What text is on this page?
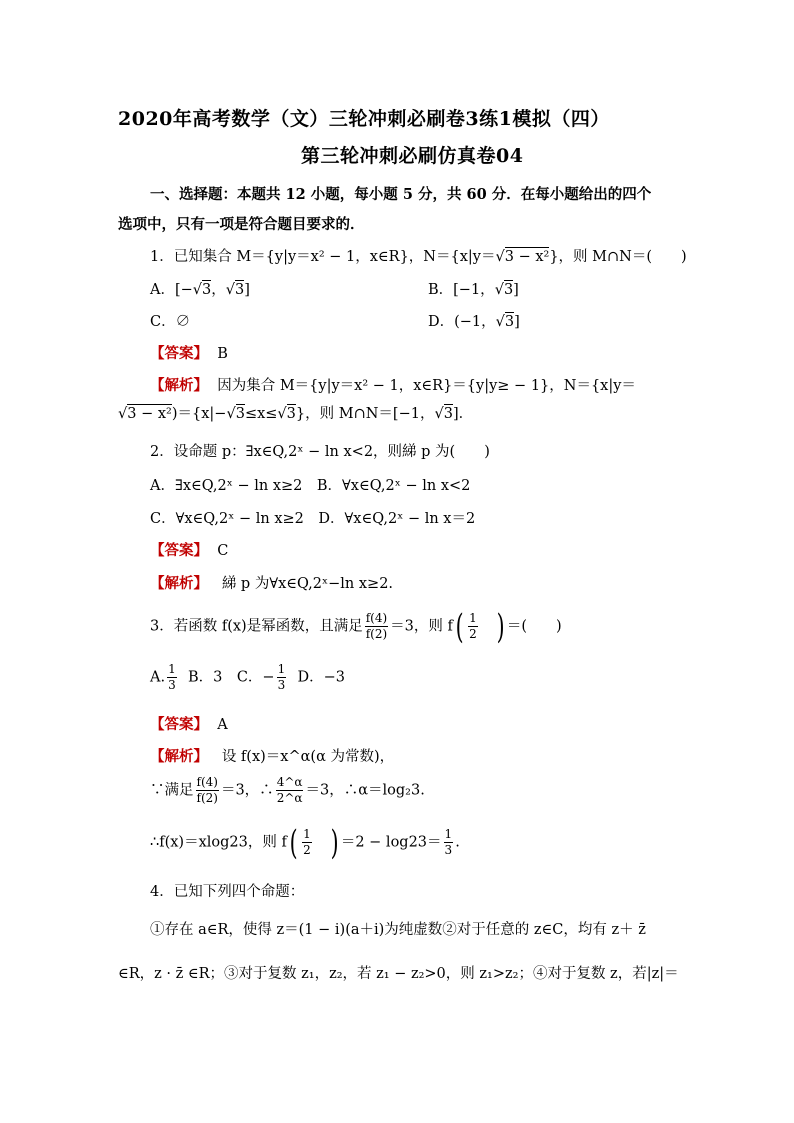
2020年高考数学（文）三轮冲刺必刷卷3练1模拟（四）
第三轮冲刺必刷仿真卷04
一、选择题：本题共 12 小题，每小题 5 分，共 60 分．在每小题给出的四个
选项中，只有一项是符合题目要求的．
1．已知集合 M＝{y|y＝x² − 1，x∈R}，N＝{x|y＝√3 − x²}，则 M∩N＝(　　)
A．[−√3，√3]	B．[−1，√3]
C．∅	D．(−1，√3]
【答案】 B
【解析】 因为集合 M＝{y|y＝x² − 1，x∈R}＝{y|y≥ − 1}，N＝{x|y＝
√3 − x²)＝{x|−√3≤x≤√3}，则 M∩N＝[−1，√3]．
2．设命题 p：∃x∈Q,2ˣ − ln x<2，则綈 p 为(　　)
A．∃x∈Q,2ˣ − ln x≥2　B．∀x∈Q,2ˣ − ln x<2
C．∀x∈Q,2ˣ − ln x≥2　D．∀x∈Q,2ˣ − ln x＝2
【答案】 C
【解析】 綈 p 为∀x∈Q,2ˣ−ln x≥2.
3．若函数 f(x)是幂函数，且满足 $\frac{f(4)}{f(2)} =3$，则 $f( \frac{1}{2}$ ) ＝(　　)
A. $\frac{1}{3}$ B．3　C．− $\frac{1}{3}$ D．−3
【答案】 A
【解析】 设 f(x)＝x^α(α 为常数)，
∵满足 $\frac{f(4)}{f(2)} =3$，∴ $\frac{4\^{}\alpha}{2\^{}\alpha} =3$，∴α＝log₂3.
∴f(x)＝xlog23，则 $f( \frac{1}{2}$ ) $=2 - \log 23= \frac{1}{3}$ .
4．已知下列四个命题：
①存在 a∈R，使得 z＝(1 − i)(a＋i)为纯虚数②对于任意的 z∈C，均有 z＋ z̄
∈R，z · z̄ ∈R；③对于复数 z₁，z₂，若 z₁ − z₂>0，则 z₁>z₂；④对于复数 z，若|z|＝
